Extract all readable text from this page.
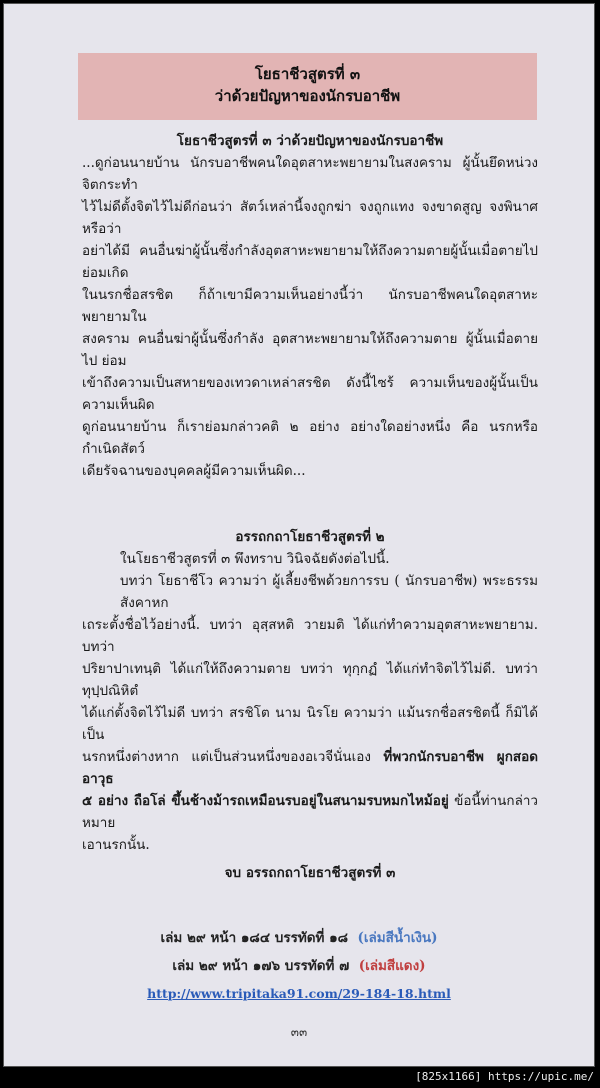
โยธาชีวสูตรที่ ๓
ว่าด้วยปัญหาของนักรบอาชีพ
โยธาชีวสูตรที่ ๓ ว่าด้วยปัญหาของนักรบอาชีพ
...ดูก่อนนายบ้าน นักรบอาชีพคนใดอุตสาหะพยายามในสงคราม ผู้นั้นยึดหน่วงจิตกระทำ
ไว้ไม่ดีตั้งจิตไว้ไม่ดีก่อนว่า สัตว์เหล่านี้จงถูกฆ่า จงถูกแทง จงขาดสูญ จงพินาศ หรือว่า
อย่าได้มี คนอื่นฆ่าผู้นั้นซึ่งกำลังอุตสาหะพยายามให้ถึงความตายผู้นั้นเมื่อตายไป ย่อมเกิด
ในนรกชื่อสรชิต ก็ถ้าเขามีความเห็นอย่างนี้ว่า นักรบอาชีพคนใดอุตสาหะพยายามใน
สงคราม คนอื่นฆ่าผู้นั้นซึ่งกำลัง อุตสาหะพยายามให้ถึงความตาย ผู้นั้นเมื่อตายไป ย่อม
เข้าถึงความเป็นสหายของเทวดาเหล่าสรชิต ดังนี้ไซร้ ความเห็นของผู้นั้นเป็นความเห็นผิด
ดูก่อนนายบ้าน ก็เราย่อมกล่าวคติ ๒ อย่าง อย่างใดอย่างหนึ่ง คือ นรกหรือกำเนิดสัตว์
เดียรัจฉานของบุคคลผู้มีความเห็นผิด...
อรรถกถาโยธาชีวสูตรที่ ๒
ในโยธาชีวสูตรที่ ๓ พึงทราบ วินิจฉัยดังต่อไปนี้.
บทว่า โยธาชีโว ความว่า ผู้เลี้ยงชีพด้วยการรบ ( นักรบอาชีพ) พระธรรมสังคาหก
เถระตั้งชื่อไว้อย่างนี้. บทว่า อุสฺสหติ วายมติ ได้แก่ทำความอุตสาหะพยายาม. บทว่า
ปริยาปาเทนฺติ ได้แก่ให้ถึงความตาย บทว่า ทุกฺกฏํ ได้แก่ทำจิตไว้ไม่ดี. บทว่า ทุปฺปณิหิตํ
ได้แก่ตั้งจิตไว้ไม่ดี บทว่า สรชิโต นาม นิรโย ความว่า แม้นรกชื่อสรชิตนี้ ก็มิได้เป็น
นรกหนึ่งต่างหาก แต่เป็นส่วนหนึ่งของอเวจีนั่นเอง ที่พวกนักรบอาชีพ ผูกสอดอาวุธ
๕ อย่าง ถือโล่ ขึ้นช้างม้ารถเหมือนรบอยู่ในสนามรบหมกไหม้อยู่ ข้อนี้ท่านกล่าวหมาย
เอานรกนั้น.
จบ อรรถกถาโยธาชีวสูตรที่ ๓
เล่ม ๒๙ หน้า ๑๘๔ บรรทัดที่ ๑๘ (เล่มสีน้ำเงิน)
เล่ม ๒๙ หน้า ๑๗๖ บรรทัดที่ ๗ (เล่มสีแดง)
http://www.tripitaka91.com/29-184-18.html
๓๓
[825x1166] https://upic.me/
